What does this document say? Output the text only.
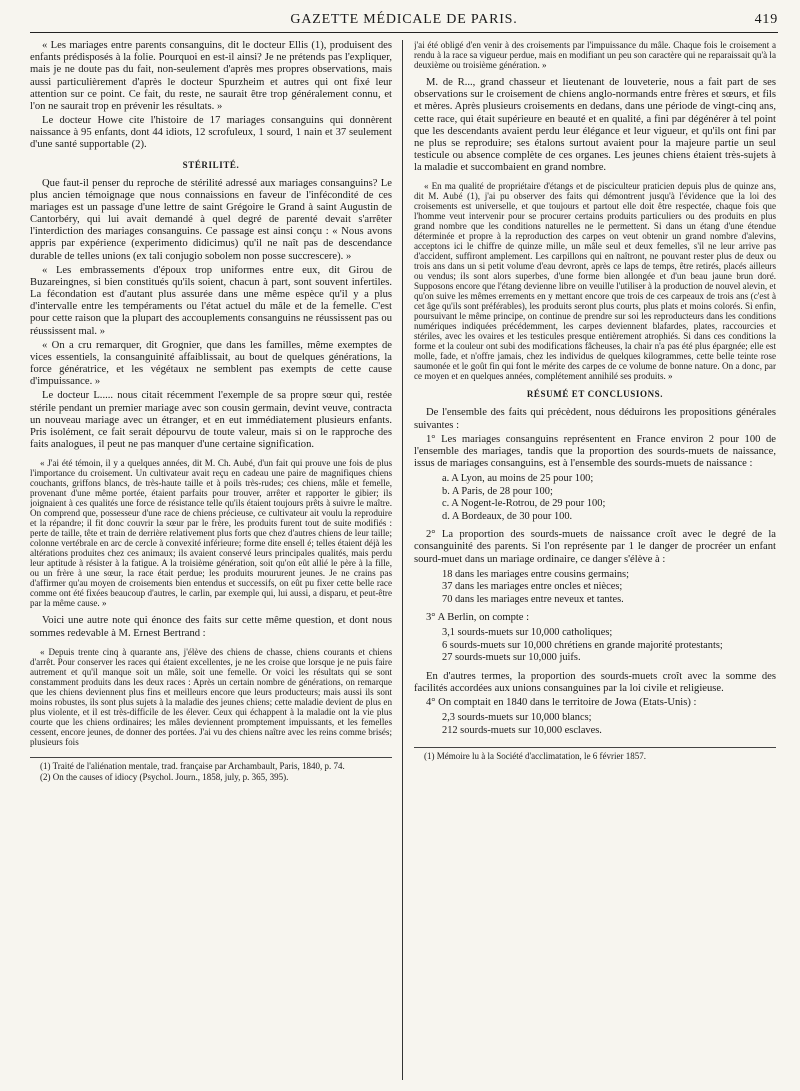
GAZETTE MÉDICALE DE PARIS.	419

« Les mariages entre parents consanguins, dit le docteur Ellis (1), produisent des enfants prédisposés à la folie. Pourquoi en est-il ainsi? Je ne prétends pas l'expliquer, mais je ne doute pas du fait, non-seulement d'après mes propres observations, mais aussi particulièrement d'après le docteur Spurzheim et autres qui ont fixé leur attention sur ce point. Ce fait, du reste, ne saurait être trop généralement connu, et l'on ne saurait trop en prévenir les résultats. »

Le docteur Howe cite l'histoire de 17 mariages consanguins qui donnèrent naissance à 95 enfants, dont 44 idiots, 12 scrofuleux, 1 sourd, 1 nain et 37 seulement d'une santé supportable (2).

STÉRILITÉ.

Que faut-il penser du reproche de stérilité adressé aux mariages consanguins? Le plus ancien témoignage que nous connaissions en faveur de l'infécondité de ces mariages est un passage d'une lettre de saint Grégoire le Grand à saint Augustin de Cantorbéry, qui lui avait demandé à quel degré de parenté devait s'arrêter l'interdiction des mariages consanguins. Ce passage est ainsi conçu : « Nous avons appris par expérience (experimento didicimus) qu'il ne naît pas de descendance durable de telles unions (ex tali conjugio sobolem non posse succrescere). »

« Les embrassements d'époux trop uniformes entre eux, dit Girou de Buzareingnes, si bien constitués qu'ils soient, chacun à part, sont souvent infertiles. La fécondation est d'autant plus assurée dans une même espèce qu'il y a plus d'intervalle entre les tempéraments ou l'état actuel du mâle et de la femelle. C'est pour cette raison que la plupart des accouplements consanguins ne réussissent pas ou réussissent mal. »

« On a cru remarquer, dit Grognier, que dans les familles, même exemptes de vices essentiels, la consanguinité affaiblissait, au bout de quelques générations, la force génératrice, et les végétaux ne semblent pas exempts de cette cause d'impuissance. »

Le docteur L..... nous citait récemment l'exemple de sa propre sœur qui, restée stérile pendant un premier mariage avec son cousin germain, devint veuve, contracta un nouveau mariage avec un étranger, et en eut immédiatement plusieurs enfants. Pris isolément, ce fait serait dépourvu de toute valeur, mais si on le rapproche des faits analogues, il peut ne pas manquer d'une certaine signification.

« J'ai été témoin, il y a quelques années, dit M. Ch. Aubé, d'un fait qui prouve une fois de plus l'importance du croisement. Un cultivateur avait reçu en cadeau une paire de magnifiques chiens couchants, griffons blancs, de très-haute taille et à poils très-rudes; ces chiens, mâle et femelle, provenant d'une même portée, étaient parfaits pour trouver, arrêter et rapporter le gibier; ils joignaient à ces qualités une force de résistance telle qu'ils étaient toujours prêts à suivre le maître. On comprend que, possesseur d'une race de chiens précieuse, ce cultivateur ait voulu la reproduire et la répandre; il fit donc couvrir la sœur par le frère, les produits furent tout de suite modifiés : perte de taille, tête et train de derrière relativement plus forts que chez d'autres chiens de leur taille; colonne vertébrale en arc de cercle à convexité inférieure; forme dite ensell é; telles étaient déjà les altérations produites chez ces animaux; ils avaient conservé leurs principales qualités, mais perdu leur aptitude à résister à la fatigue. A la troisième génération, soit qu'on eût allié le père à la fille, ou un frère à une sœur, la race était perdue; les produits moururent jeunes. Je ne crains pas d'affirmer qu'au moyen de croisements bien entendus et successifs, on eût pu fixer cette belle race comme ont été fixées beaucoup d'autres, le carlin, par exemple qui, lui aussi, a disparu, et peut-être par la même cause. »

Voici une autre note qui énonce des faits sur cette même question, et dont nous sommes redevable à M. Ernest Bertrand :

« Depuis trente cinq à quarante ans, j'élève des chiens de chasse, chiens courants et chiens d'arrêt. Pour conserver les races qui étaient excellentes, je ne les croise que lorsque je ne puis faire autrement et qu'il manque soit un mâle, soit une femelle. Or voici les résultats qui se sont constamment produits dans les deux races : Après un certain nombre de générations, on remarque que les chiens deviennent plus fins et meilleurs encore que leurs producteurs; mais aussi ils sont moins robustes, ils sont plus sujets à la maladie des jeunes chiens; cette maladie devient de plus en plus violente, et il est très-difficile de les élever. Ceux qui échappent à la maladie ont la vie plus courte que les chiens ordinaires; les mâles deviennent promptement impuissants, et les femelles cessent, encore jeunes, de donner des portées. J'ai vu des chiens naître avec les reins comme brisés; plusieurs fois

(1) Traité de l'aliénation mentale, trad. française par Archambault, Paris, 1840, p. 74.

(2) On the causes of idiocy (Psychol. Journ., 1858, july, p. 365, 395).

j'ai été obligé d'en venir à des croisements par l'impuissance du mâle. Chaque fois le croisement a rendu à la race sa vigueur perdue, mais en modifiant un peu son caractère qui ne reparaissait qu'à la deuxième ou troisième génération. »

M. de R..., grand chasseur et lieutenant de louveterie, nous a fait part de ses observations sur le croisement de chiens anglo-normands entre frères et sœurs, et fils et mères. Après plusieurs croisements en dedans, dans une période de vingt-cinq ans, cette race, qui était supérieure en beauté et en qualité, a fini par dégénérer à tel point que les descendants avaient perdu leur élégance et leur vigueur, et qu'ils ont fini par ne plus se reproduire; ses étalons surtout avaient pour la majeure partie un seul testicule ou absence complète de ces organes. Les jeunes chiens étaient très-sujets à la maladie et succombaient en grand nombre.

« En ma qualité de propriétaire d'étangs et de pisciculteur praticien depuis plus de quinze ans, dit M. Aubé (1), j'ai pu observer des faits qui démontrent jusqu'à l'évidence que la loi des croisements est universelle, et que toujours et partout elle doit être respectée, chaque fois que l'homme veut intervenir pour se procurer certains produits particuliers ou des produits en plus grand nombre que les conditions naturelles ne le permettent. Si dans un étang d'une étendue déterminée et propre à la reproduction des carpes on veut obtenir un grand nombre d'alevins, acceptons ici le chiffre de quinze mille, un mâle seul et deux femelles, s'il ne leur arrive pas d'accident, suffiront amplement. Les carpillons qui en naîtront, ne pouvant rester plus de deux ou trois ans dans un si petit volume d'eau devront, après ce laps de temps, être retirés, placés ailleurs ou vendus; ils sont alors superbes, d'une forme bien allongée et d'un beau jaune brun doré. Supposons encore que l'étang devienne libre on veuille l'utiliser à la production de nouvel alevin, et qu'on suive les mêmes errements en y mettant encore que trois de ces carpeaux de trois ans (c'est à cet âge qu'ils sont préférables), les produits seront plus courts, plus plats et moins colorés. Si enfin, poursuivant le même principe, on continue de prendre sur soi les reproducteurs dans les conditions numériques indiquées précédemment, les carpes deviennent blafardes, plates, raccourcies et stériles, avec les ovaires et les testicules presque entièrement atrophiés. Si dans ces conditions la forme et la couleur ont subi des modifications fâcheuses, la chair n'a pas été plus épargnée; elle est molle, fade, et n'offre jamais, chez les individus de quelques kilogrammes, cette belle teinte rose saumonée et le goût fin qui font le mérite des carpes de ce volume de bonne nature. On a donc, par ce moyen et en quelques années, complétement annihilé ses produits. »

RÉSUMÉ ET CONCLUSIONS.

De l'ensemble des faits qui précèdent, nous déduirons les propositions générales suivantes :

1° Les mariages consanguins représentent en France environ 2 pour 100 de l'ensemble des mariages, tandis que la proportion des sourds-muets de naissance, issus de mariages consanguins, est à l'ensemble des sourds-muets de naissance :

a. A Lyon, au moins de 25 pour 100;
b. A Paris, de 28 pour 100;
c. A Nogent-le-Rotrou, de 29 pour 100;
d. A Bordeaux, de 30 pour 100.

2° La proportion des sourds-muets de naissance croît avec le degré de la consanguinité des parents. Si l'on représente par 1 le danger de procréer un enfant sourd-muet dans un mariage ordinaire, ce danger s'élève à :

18 dans les mariages entre cousins germains;
37 dans les mariages entre oncles et nièces;
70 dans les mariages entre neveux et tantes.

3° A Berlin, on compte :

3,1 sourds-muets sur 10,000 catholiques;
6 sourds-muets sur 10,000 chrétiens en grande majorité protestants;
27 sourds-muets sur 10,000 juifs.

En d'autres termes, la proportion des sourds-muets croît avec la somme des facilités accordées aux unions consanguines par la loi civile et religieuse.

4° On comptait en 1840 dans le territoire de Jowa (Etats-Unis) :

2,3 sourds-muets sur 10,000 blancs;
212 sourds-muets sur 10,000 esclaves.

(1) Mémoire lu à la Société d'acclimatation, le 6 février 1857.
